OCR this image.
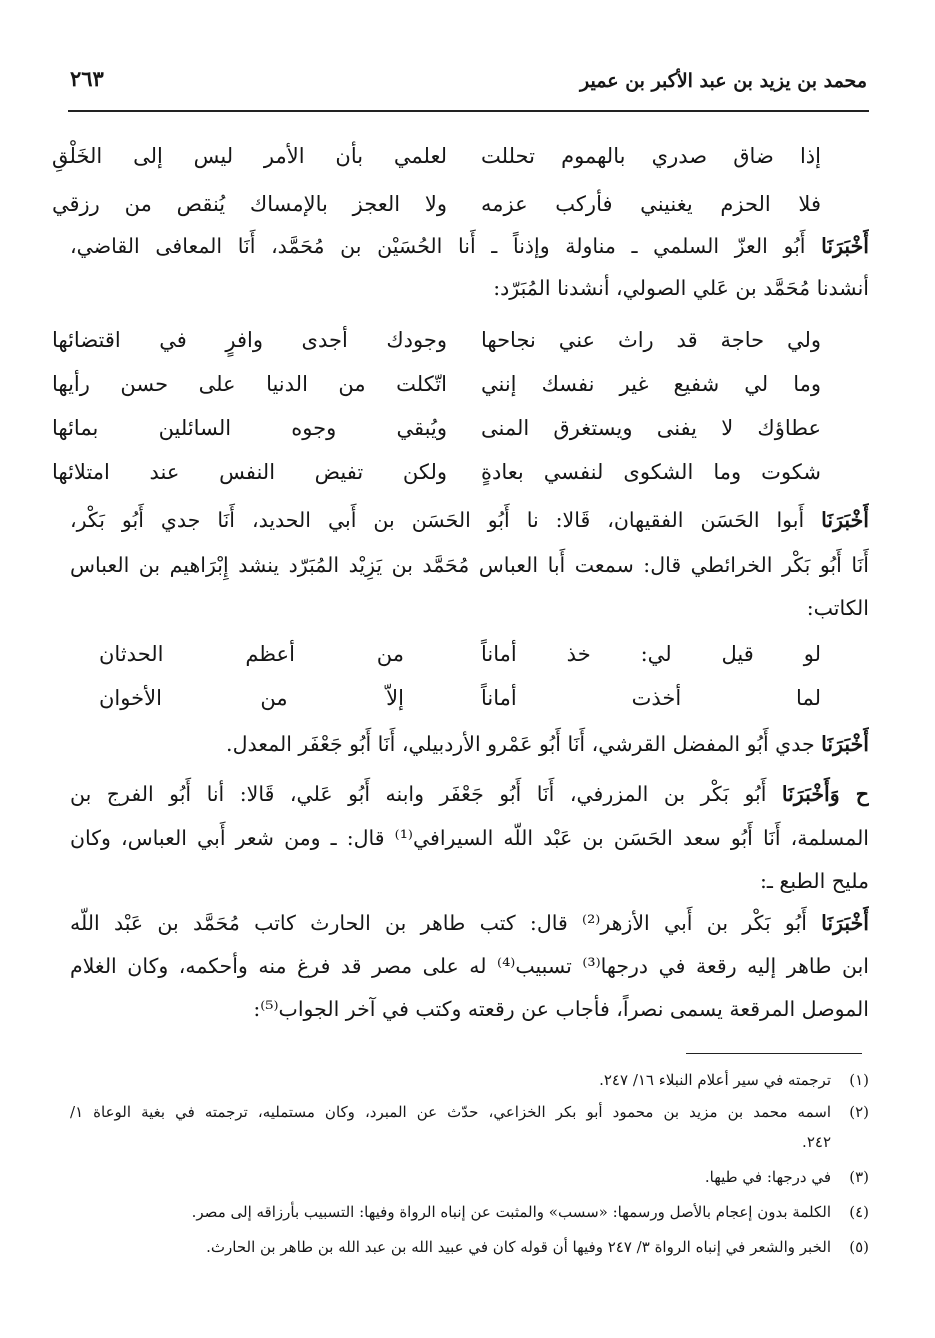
محمد بن يزيد بن عبد الأكبر بن عمير
٢٦٣
إذا ضاق صدري بالهموم تحللت
لعلمي بأن الأمر ليس إلى الخَلْقِ
فلا الحزم يغنيني فأركب عزمه
ولا العجز بالإمساك يُنقص من رزقي
أَخْبَرَنَا أَبُو العزّ السلمي ـ مناولة وإذناً ـ أَنا الحُسَيْن بن مُحَمَّد، أَنَا المعافى القاضي،
أنشدنا مُحَمَّد بن عَلي الصولي، أنشدنا المُبَرّد:
ولي حاجة قد راث عني نجاحها
وجودك أجدى وافرٍ في اقتضائها
وما لي شفيع غير نفسك إنني
اتّكلت من الدنيا على حسن رأيها
عطاؤك لا يفنى ويستغرق المنى
ويُبقي وجوه السائلين بمائها
شكوت وما الشكوى لنفسي بعادةٍ
ولكن تفيض النفس عند امتلائها
أَخْبَرَنَا أَبوا الحَسَن الفقيهان، قَالا: نا أَبُو الحَسَن بن أَبي الحديد، أَنَا جدي أَبُو بَكْر،
أَنَا أَبُو بَكْر الخرائطي قال: سمعت أَبا العباس مُحَمَّد بن يَزِيْد المُبَرّد ينشد إِبْرَاهيم بن العباس
الكاتب:
لو قيل لي: خذ أماناً
من أعظم الحدثان
لما أخذت أماناً
إلاّ من الأخوان
أَخْبَرَنَا جدي أَبُو المفضل القرشي، أَنَا أَبُو عَمْرو الأردبيلي، أَنَا أَبُو جَعْفَر المعدل.
ح وَأَخْبَرَنَا أَبُو بَكْر بن المزرفي، أَنَا أَبُو جَعْفَر وابنه أَبُو عَلي، قَالا: أنا أَبُو الفرج بن
المسلمة، أَنَا أَبُو سعد الحَسَن بن عَبْد اللّه السيرافي⁽¹⁾ قال: ـ ومن شعر أَبي العباس، وكان
مليح الطبع ـ:
أَخْبَرَنَا أَبُو بَكْر بن أَبي الأزهر⁽²⁾ قال: كتب طاهر بن الحارث كاتب مُحَمَّد بن عَبْد اللّه
ابن طاهر إليه رقعة في درجها⁽³⁾ تسبيب⁽⁴⁾ له على مصر قد فرغ منه وأحكمه، وكان الغلام
الموصل المرقعة يسمى نصراً، فأجاب عن رقعته وكتب في آخر الجواب⁽⁵⁾:
(١)
ترجمته في سير أعلام النبلاء ١٦/ ٢٤٧.
(٢)
اسمه محمد بن مزيد بن محمود أبو بكر الخزاعي، حدّث عن المبرد، وكان مستمليه، ترجمته في بغية الوعاة ١/
٢٤٢.
(٣)
في درجها: في طيها.
(٤)
الكلمة بدون إعجام بالأصل ورسمها: «سسب» والمثبت عن إنباه الرواة وفيها: التسبيب بأرزاقه إلى مصر.
(٥)
الخبر والشعر في إنباه الرواة ٣/ ٢٤٧ وفيها أن قوله كان في عبيد الله بن عبد الله بن طاهر بن الحارث.
